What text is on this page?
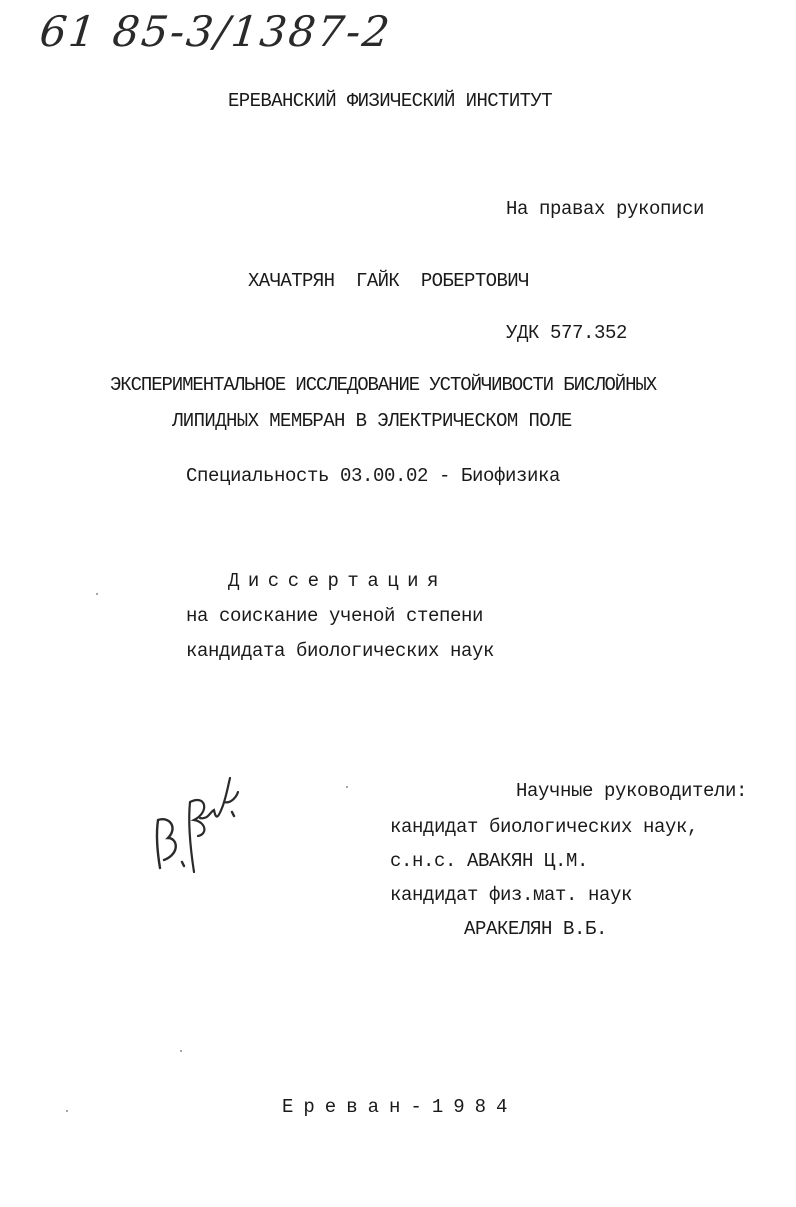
61 85-3/1387-2

ЕРЕВАНСКИЙ ФИЗИЧЕСКИЙ ИНСТИТУТ

На правах рукописи

ХАЧАТРЯН  ГАЙК  РОБЕРТОВИЧ

УДК 577.352

ЭКСПЕРИМЕНТАЛЬНОЕ ИССЛЕДОВАНИЕ УСТОЙЧИВОСТИ БИСЛОЙНЫХ

ЛИПИДНЫХ МЕМБРАН В ЭЛЕКТРИЧЕСКОМ ПОЛЕ

Специальность 03.00.02 - Биофизика

Диссертация

на соискание ученой степени

кандидата биологических наук

Научные руководители:

кандидат биологических наук,

с.н.с. АВАКЯН Ц.М.

кандидат физ.мат. наук

АРАКЕЛЯН В.Б.

Ереван-1984
